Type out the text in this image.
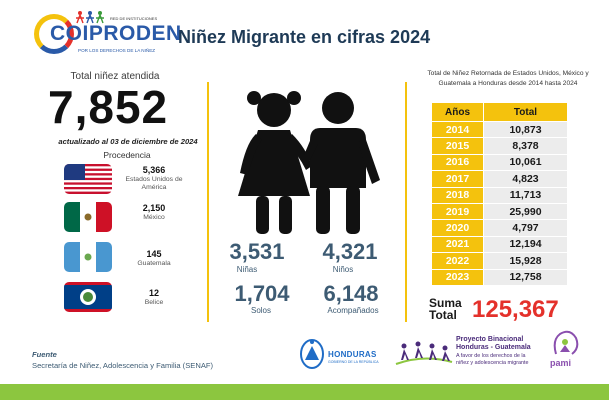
RED DE INSTITUCIONES
COIPRODEN
POR LOS DERECHOS DE LA NIÑEZ
Niñez Migrante en cifras 2024
Total niñez atendida
7,852
actualizado al 03 de diciembre de 2024
Procedencia
5,366
Estados Unidos de América
2,150
México
145
Guatemala
12
Belice
3,531
Niñas
4,321
Niños
1,704
Solos
6,148
Acompañados
Total de Niñez Retornada de Estados Unidos, México y Guatemala a Honduras desde 2014 hasta 2024
Años	Total
2014	10,873
2015	8,378
2016	10,061
2017	4,823
2018	11,713
2019	25,990
2020	4,797
2021	12,194
2022	15,928
2023	12,758
Suma
Total 125,367
Fuente
Secretaría de Niñez, Adolescencia y Familia (SENAF)
HONDURAS
GOBIERNO DE LA REPÚBLICA
Proyecto Binacional
Honduras - Guatemala
A favor de los derechos de la
niñez y adolescencia migrante pami
